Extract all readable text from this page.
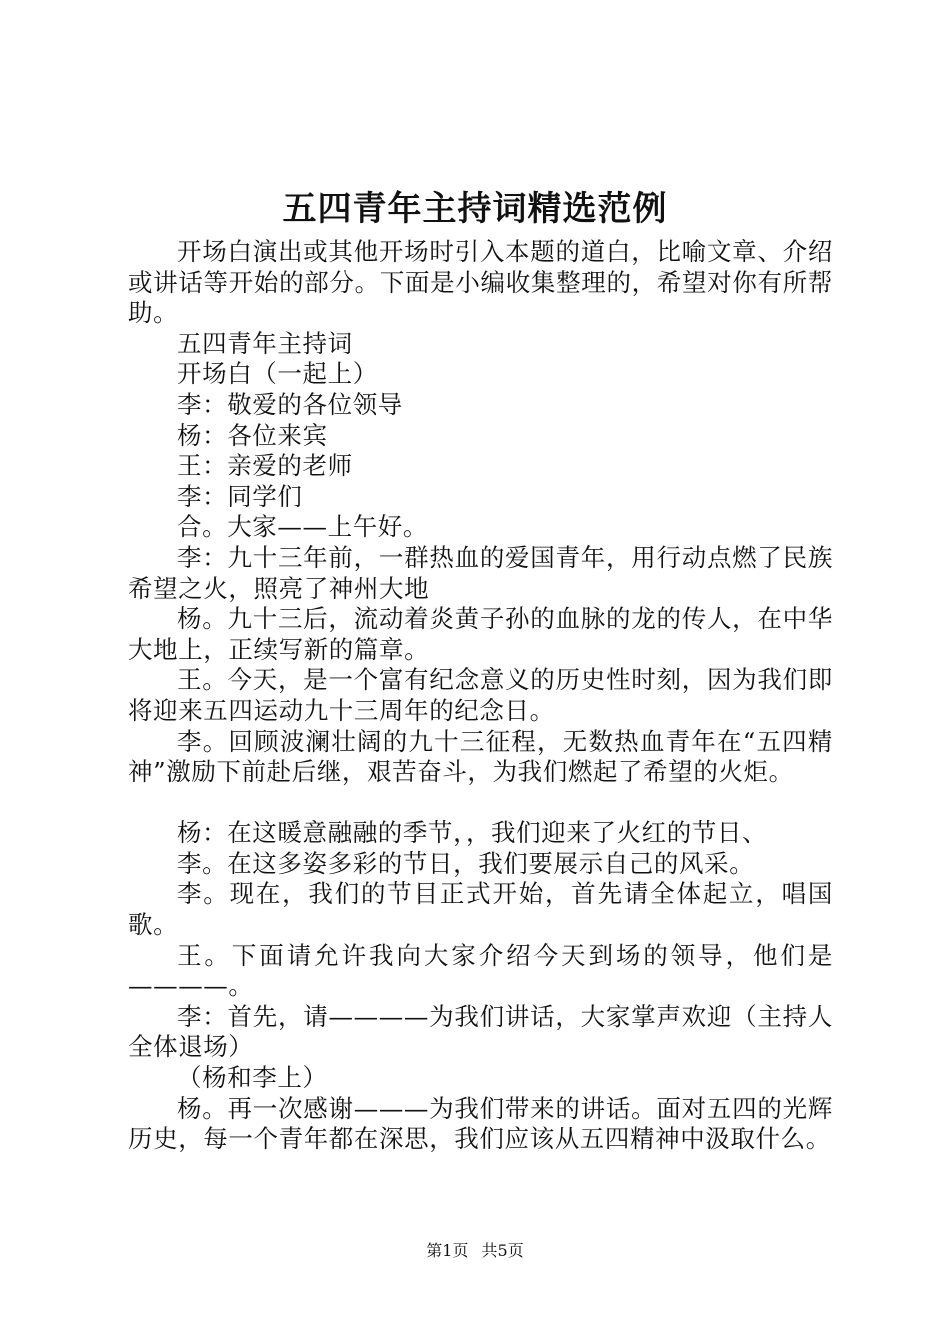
五四青年主持词精选范例

开场白演出或其他开场时引入本题的道白，比喻文章、介绍或讲话等开始的部分。下面是小编收集整理的，希望对你有所帮助。

五四青年主持词

开场白（一起上）

李：敬爱的各位领导

杨：各位来宾

王：亲爱的老师

李：同学们

合。大家——上午好。

李：九十三年前，一群热血的爱国青年，用行动点燃了民族希望之火，照亮了神州大地

杨。九十三后，流动着炎黄子孙的血脉的龙的传人，在中华大地上，正续写新的篇章。

王。今天，是一个富有纪念意义的历史性时刻，因为我们即将迎来五四运动九十三周年的纪念日。

李。回顾波澜壮阔的九十三征程，无数热血青年在“五四精神”激励下前赴后继，艰苦奋斗，为我们燃起了希望的火炬。

杨：在这暖意融融的季节，，我们迎来了火红的节日、

李。在这多姿多彩的节日，我们要展示自己的风采。

李。现在，我们的节目正式开始，首先请全体起立，唱国歌。

王。下面请允许我向大家介绍今天到场的领导，他们是————。

李：首先，请————为我们讲话，大家掌声欢迎（主持人全体退场）

（杨和李上）

杨。再一次感谢———为我们带来的讲话。面对五四的光辉历史，每一个青年都在深思，我们应该从五四精神中汲取什么。

第1页 共5页
